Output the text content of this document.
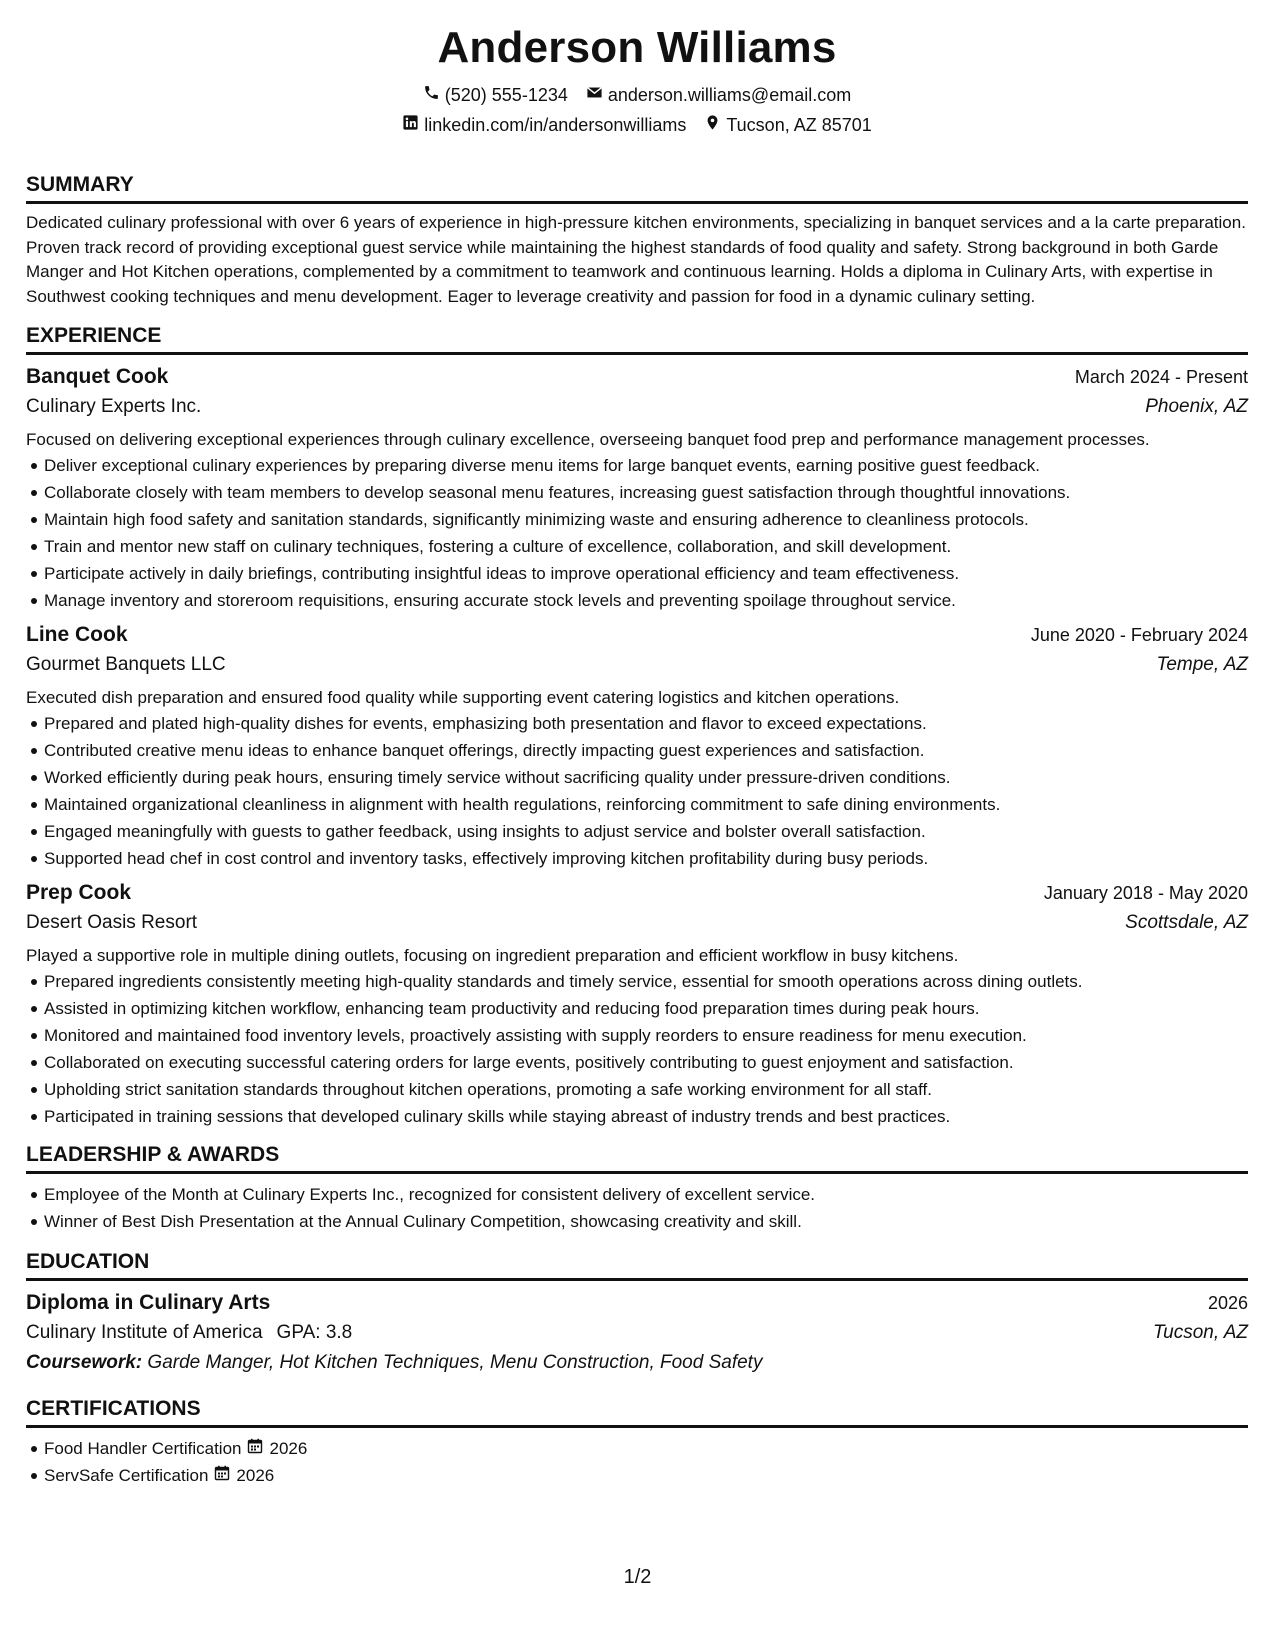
Anderson Williams
(520) 555-1234 anderson.williams@email.com
linkedin.com/in/andersonwilliams Tucson, AZ 85701
SUMMARY

Dedicated culinary professional with over 6 years of experience in high-pressure kitchen environments, specializing in banquet services and a la carte preparation. Proven track record of providing exceptional guest service while maintaining the highest standards of food quality and safety. Strong background in both Garde Manger and Hot Kitchen operations, complemented by a commitment to teamwork and continuous learning. Holds a diploma in Culinary Arts, with expertise in Southwest cooking techniques and menu development. Eager to leverage creativity and passion for food in a dynamic culinary setting.

EXPERIENCE
Banquet Cook	March 2024 - Present
Culinary Experts Inc.	Phoenix, AZ

Focused on delivering exceptional experiences through culinary excellence, overseeing banquet food prep and performance management processes.

Deliver exceptional culinary experiences by preparing diverse menu items for large banquet events, earning positive guest feedback.
Collaborate closely with team members to develop seasonal menu features, increasing guest satisfaction through thoughtful innovations.
Maintain high food safety and sanitation standards, significantly minimizing waste and ensuring adherence to cleanliness protocols.
Train and mentor new staff on culinary techniques, fostering a culture of excellence, collaboration, and skill development.
Participate actively in daily briefings, contributing insightful ideas to improve operational efficiency and team effectiveness.
Manage inventory and storeroom requisitions, ensuring accurate stock levels and preventing spoilage throughout service.
Line Cook	June 2020 - February 2024
Gourmet Banquets LLC	Tempe, AZ

Executed dish preparation and ensured food quality while supporting event catering logistics and kitchen operations.

Prepared and plated high-quality dishes for events, emphasizing both presentation and flavor to exceed expectations.
Contributed creative menu ideas to enhance banquet offerings, directly impacting guest experiences and satisfaction.
Worked efficiently during peak hours, ensuring timely service without sacrificing quality under pressure-driven conditions.
Maintained organizational cleanliness in alignment with health regulations, reinforcing commitment to safe dining environments.
Engaged meaningfully with guests to gather feedback, using insights to adjust service and bolster overall satisfaction.
Supported head chef in cost control and inventory tasks, effectively improving kitchen profitability during busy periods.
Prep Cook	January 2018 - May 2020
Desert Oasis Resort	Scottsdale, AZ

Played a supportive role in multiple dining outlets, focusing on ingredient preparation and efficient workflow in busy kitchens.

Prepared ingredients consistently meeting high-quality standards and timely service, essential for smooth operations across dining outlets.
Assisted in optimizing kitchen workflow, enhancing team productivity and reducing food preparation times during peak hours.
Monitored and maintained food inventory levels, proactively assisting with supply reorders to ensure readiness for menu execution.
Collaborated on executing successful catering orders for large events, positively contributing to guest enjoyment and satisfaction.
Upholding strict sanitation standards throughout kitchen operations, promoting a safe working environment for all staff.
Participated in training sessions that developed culinary skills while staying abreast of industry trends and best practices.
LEADERSHIP & AWARDS
Employee of the Month at Culinary Experts Inc., recognized for consistent delivery of excellent service.
Winner of Best Dish Presentation at the Annual Culinary Competition, showcasing creativity and skill.
EDUCATION
Diploma in Culinary Arts	2026
Culinary Institute of America GPA: 3.8	Tucson, AZ
Coursework: Garde Manger, Hot Kitchen Techniques, Menu Construction, Food Safety
CERTIFICATIONS
Food Handler Certification 2026
ServSafe Certification 2026
1/2
